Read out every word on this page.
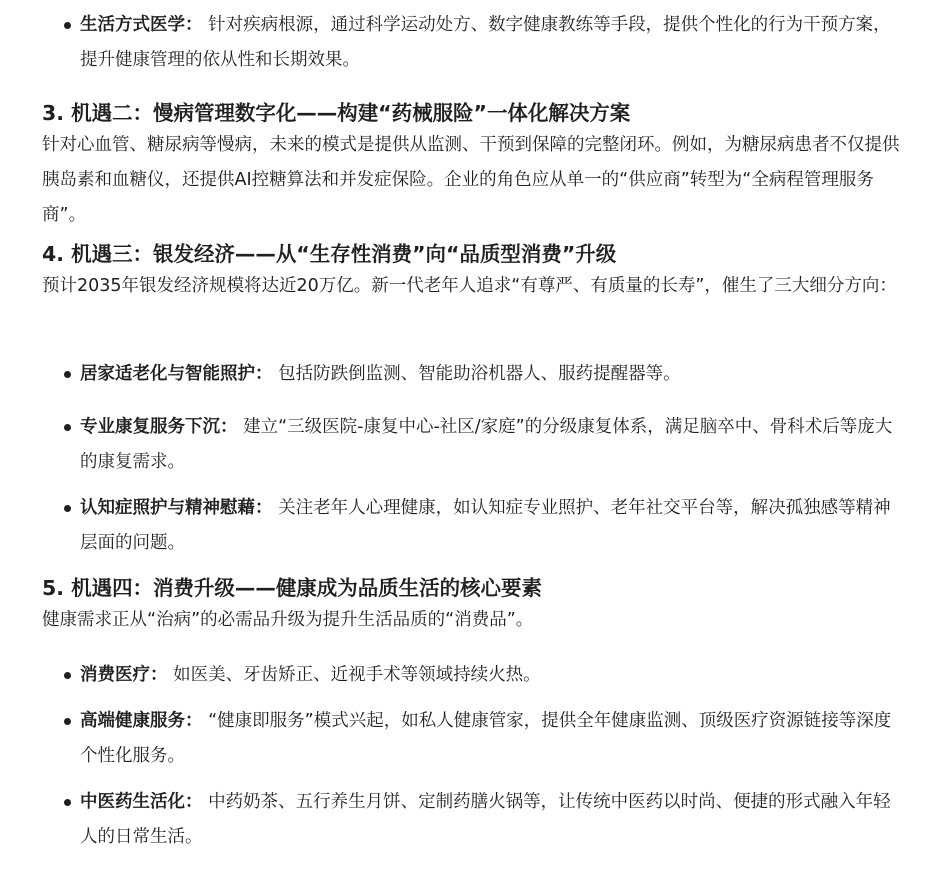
生活方式医学： 针对疾病根源，通过科学运动处方、数字健康教练等手段，提供个性化的行为干预方案，提升健康管理的依从性和长期效果。
3. 机遇二：慢病管理数字化——构建“药械服险”一体化解决方案

针对心血管、糖尿病等慢病，未来的模式是提供从监测、干预到保障的完整闭环。例如，为糖尿病患者不仅提供胰岛素和血糖仪，还提供AI控糖算法和并发症保险。企业的角色应从单一的“供应商”转型为“全病程管理服务商”。

4. 机遇三：银发经济——从“生存性消费”向“品质型消费”升级

预计2035年银发经济规模将达近20万亿。新一代老年人追求“有尊严、有质量的长寿”，催生了三大细分方向：

居家适老化与智能照护： 包括防跌倒监测、智能助浴机器人、服药提醒器等。
专业康复服务下沉： 建立“三级医院-康复中心-社区/家庭”的分级康复体系，满足脑卒中、骨科术后等庞大的康复需求。
认知症照护与精神慰藉： 关注老年人心理健康，如认知症专业照护、老年社交平台等，解决孤独感等精神层面的问题。
5. 机遇四：消费升级——健康成为品质生活的核心要素

健康需求正从“治病”的必需品升级为提升生活品质的“消费品”。

消费医疗： 如医美、牙齿矫正、近视手术等领域持续火热。
高端健康服务： “健康即服务”模式兴起，如私人健康管家，提供全年健康监测、顶级医疗资源链接等深度个性化服务。
中医药生活化： 中药奶茶、五行养生月饼、定制药膳火锅等，让传统中医药以时尚、便捷的形式融入年轻人的日常生活。
